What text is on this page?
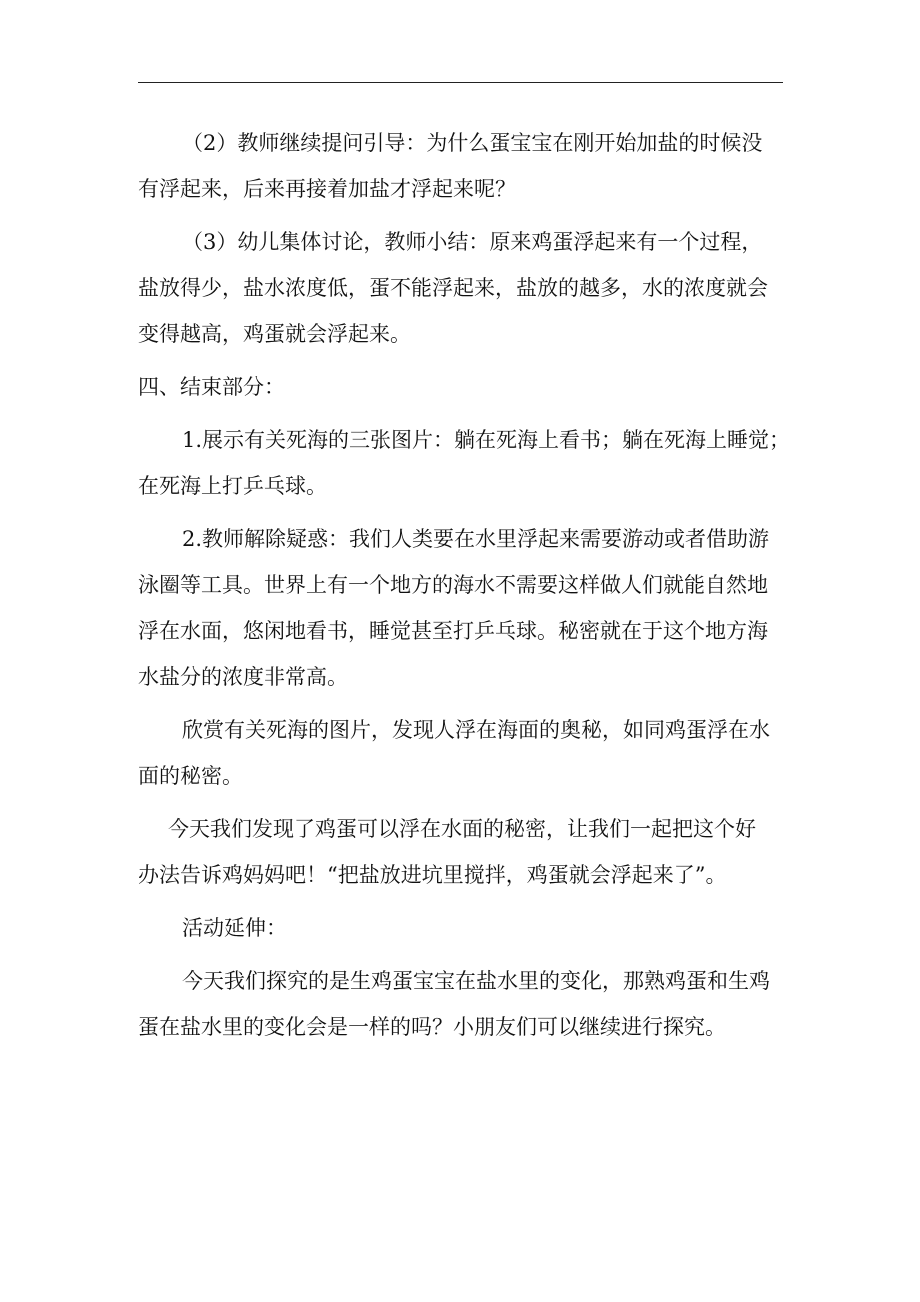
（2）教师继续提问引导：为什么蛋宝宝在刚开始加盐的时候没

有浮起来，后来再接着加盐才浮起来呢？

（3）幼儿集体讨论，教师小结：原来鸡蛋浮起来有一个过程，

盐放得少，盐水浓度低，蛋不能浮起来，盐放的越多，水的浓度就会

变得越高，鸡蛋就会浮起来。

四、结束部分：

1.展示有关死海的三张图片：躺在死海上看书；躺在死海上睡觉；

在死海上打乒乓球。

2.教师解除疑惑：我们人类要在水里浮起来需要游动或者借助游

泳圈等工具。世界上有一个地方的海水不需要这样做人们就能自然地

浮在水面，悠闲地看书，睡觉甚至打乒乓球。秘密就在于这个地方海

水盐分的浓度非常高。

欣赏有关死海的图片，发现人浮在海面的奥秘，如同鸡蛋浮在水

面的秘密。

今天我们发现了鸡蛋可以浮在水面的秘密，让我们一起把这个好

办法告诉鸡妈妈吧！“把盐放进坑里搅拌，鸡蛋就会浮起来了”。

活动延伸：

今天我们探究的是生鸡蛋宝宝在盐水里的变化，那熟鸡蛋和生鸡

蛋在盐水里的变化会是一样的吗？小朋友们可以继续进行探究。
